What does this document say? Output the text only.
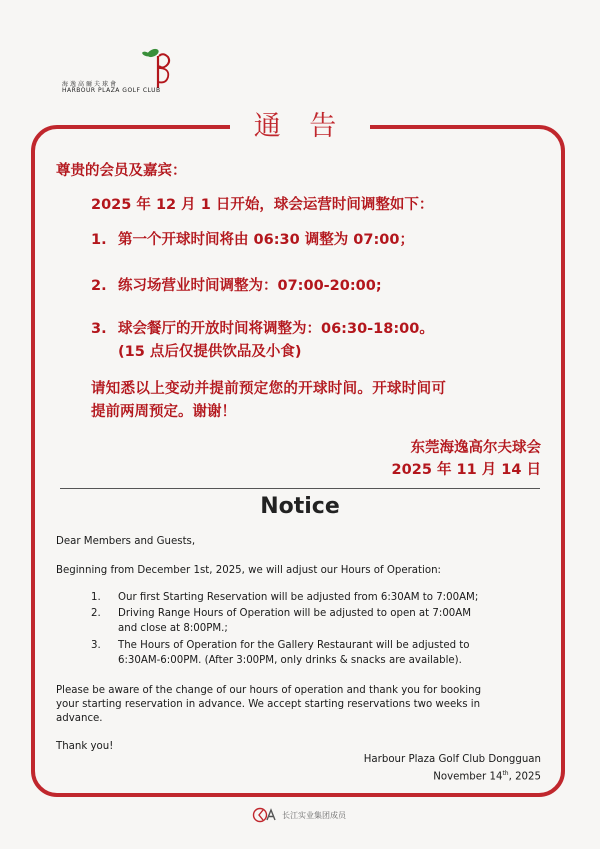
海逸高爾夫球會
HARBOUR PLAZA GOLF CLUB
通 告
尊贵的会员及嘉宾：
2025 年 12 月 1 日开始，球会运营时间调整如下：
1. 第一个开球时间将由 06:30 调整为 07:00；
2. 练习场营业时间调整为：07:00-20:00;
3. 球会餐厅的开放时间将调整为：06:30-18:00。
(15 点后仅提供饮品及小食)
请知悉以上变动并提前预定您的开球时间。开球时间可
提前两周预定。谢谢！
东莞海逸高尔夫球会
2025 年 11 月 14 日
Notice
Dear Members and Guests,
Beginning from December 1st, 2025, we will adjust our Hours of Operation:
1. Our first Starting Reservation will be adjusted from 6:30AM to 7:00AM;
2. Driving Range Hours of Operation will be adjusted to open at 7:00AM
and close at 8:00PM.;
3. The Hours of Operation for the Gallery Restaurant will be adjusted to
6:30AM-6:00PM. (After 3:00PM, only drinks & snacks are available).
Please be aware of the change of our hours of operation and thank you for booking
your starting reservation in advance. We accept starting reservations two weeks in
advance.
Thank you!
Harbour Plaza Golf Club Dongguan
November 14th, 2025
长江实业集团成员
